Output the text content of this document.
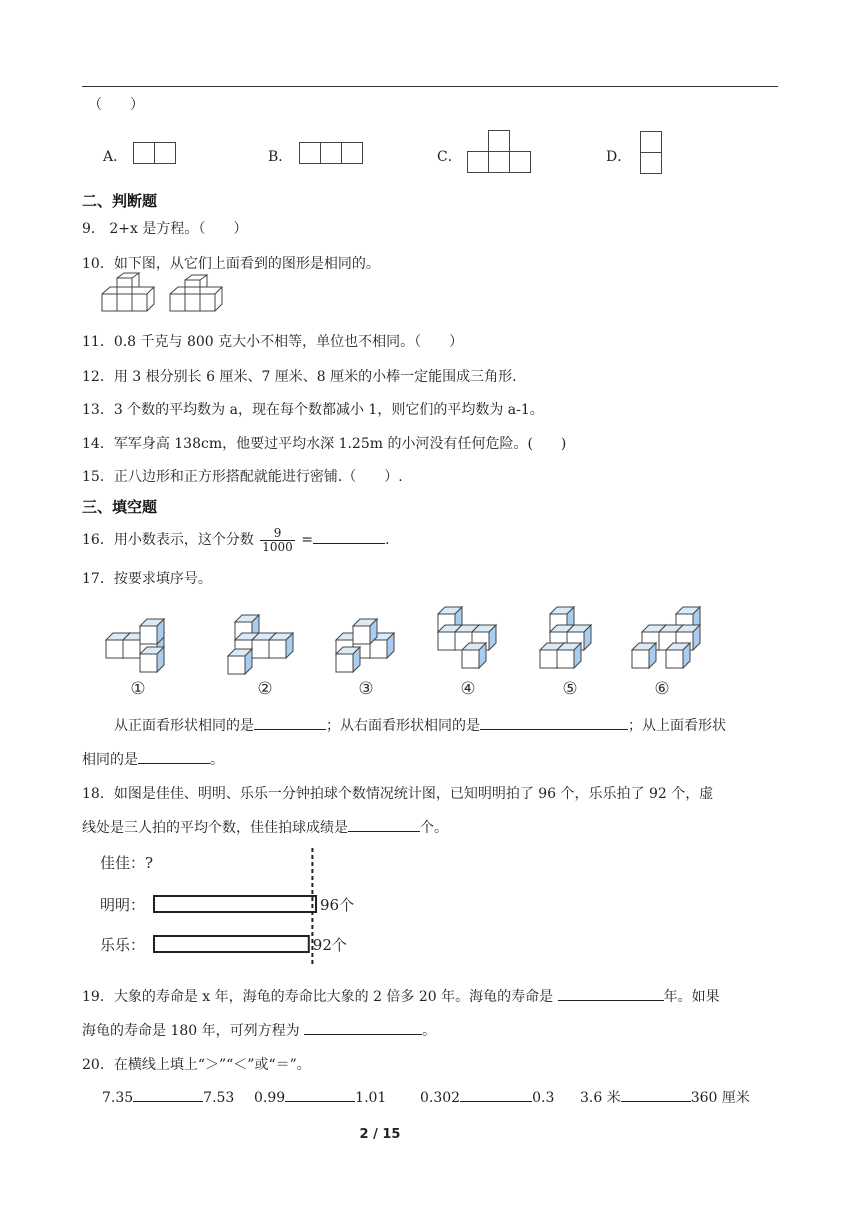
（　　）
A．	B．	C．	D．
二、判断题
9． 2+x 是方程。（　　）
10．如下图，从它们上面看到的图形是相同的。
11．0.8 千克与 800 克大小不相等，单位也不相同。（　　）
12．用 3 根分别长 6 厘米、7 厘米、8 厘米的小棒一定能围成三角形.
13．3 个数的平均数为 a，现在每个数都减小 1，则它们的平均数为 a-1。
14．军军身高 138cm，他要过平均水深 1.25m 的小河没有任何危险。(　　)
15．正八边形和正方形搭配就能进行密铺.（　　）.
三、填空题
16．用小数表示，这个分数 $\frac{9}{1000}$ =	.
17．按要求填序号。
①	②	③	④	⑤	⑥
从正面看形状相同的是	；从右面看形状相同的是	；从上面看形状
相同的是	。
18．如图是佳佳、明明、乐乐一分钟拍球个数情况统计图，已知明明拍了 96 个，乐乐拍了 92 个，虚
线处是三人拍的平均个数，佳佳拍球成绩是	个。
佳佳：?
明明：	96个
乐乐：	92个
19．大象的寿命是 x 年，海龟的寿命比大象的 2 倍多 20 年。海龟的寿命是	年。如果
海龟的寿命是 180 年，可列方程为	。
20．在横线上填上“＞”“＜”或“＝”。
7.35	7.53 0.99	1.01 0.302	0.3 3.6 米	360 厘米
2 / 15
